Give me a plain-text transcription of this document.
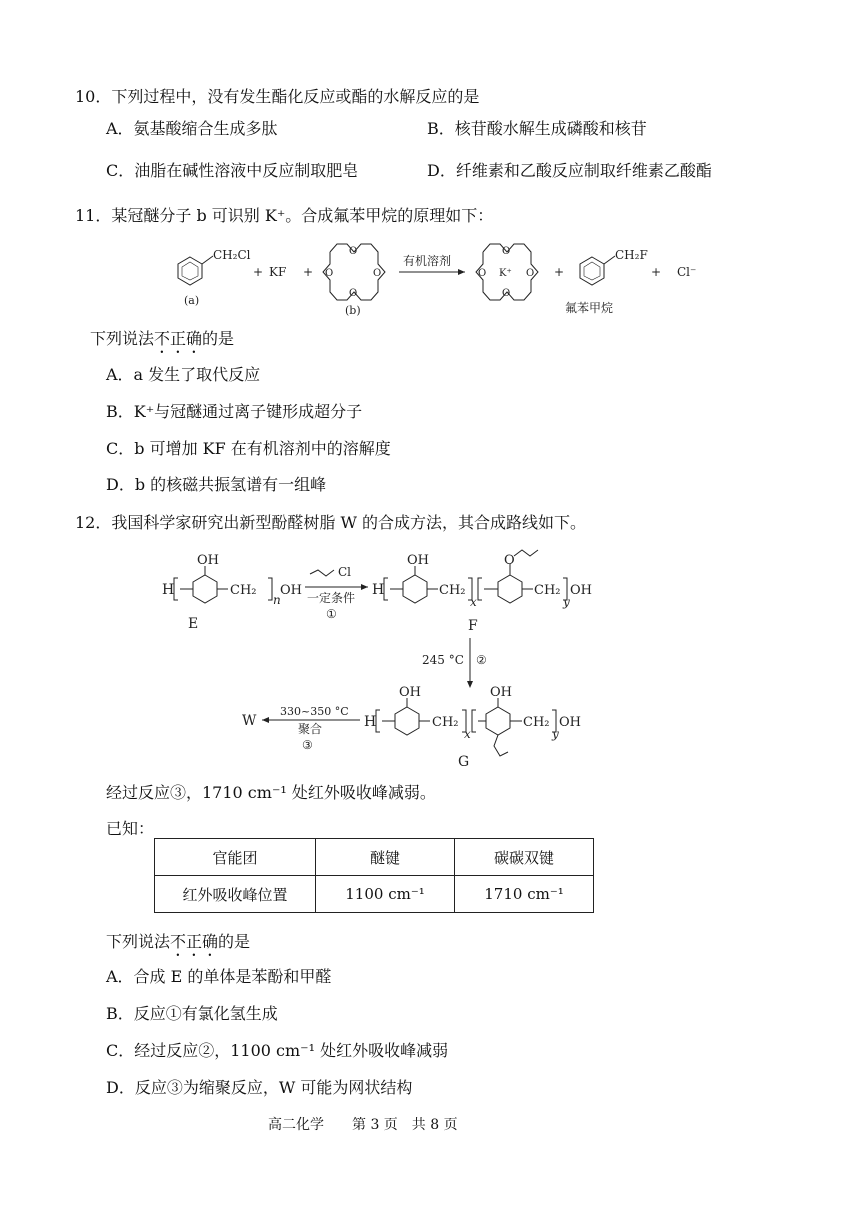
10．下列过程中，没有发生酯化反应或酯的水解反应的是
A．氨基酸缩合生成多肽	B．核苷酸水解生成磷酸和核苷
C．油脂在碱性溶液中反应制取肥皂	D．纤维素和乙酸反应制取纤维素乙酸酯
11．某冠醚分子 b 可识别 K⁺。合成氟苯甲烷的原理如下：
CH₂Cl
(a)
+ KF +
O
O	O
O
(b)
有机溶剂
O
O	O
O
K⁺	+
CH₂F
氟苯甲烷
+ Cl⁻
下列说法不正确的是
A．a 发生了取代反应
B．K⁺与冠醚通过离子键形成超分子
C．b 可增加 KF 在有机溶剂中的溶解度
D．b 的核磁共振氢谱有一组峰
12．我国科学家研究出新型酚醛树脂 W 的合成方法，其合成路线如下。
OH
H	CH₂
n
OH
E
Cl
一定条件
①
H
OH
CH₂
x
O
CH₂
y
OH
F
245 °C ②
W
330~350 °C
聚合
③
H
OH
CH₂
x
OH
CH₂
y
OH
G
经过反应③，1710 cm⁻¹ 处红外吸收峰减弱。
已知：
官能团	醚键	碳碳双键
红外吸收峰位置	1100 cm⁻¹	1710 cm⁻¹
下列说法不正确的是
A．合成 E 的单体是苯酚和甲醛
B．反应①有氯化氢生成
C．经过反应②，1100 cm⁻¹ 处红外吸收峰减弱
D．反应③为缩聚反应，W 可能为网状结构
高二化学　　第 3 页　共 8 页
